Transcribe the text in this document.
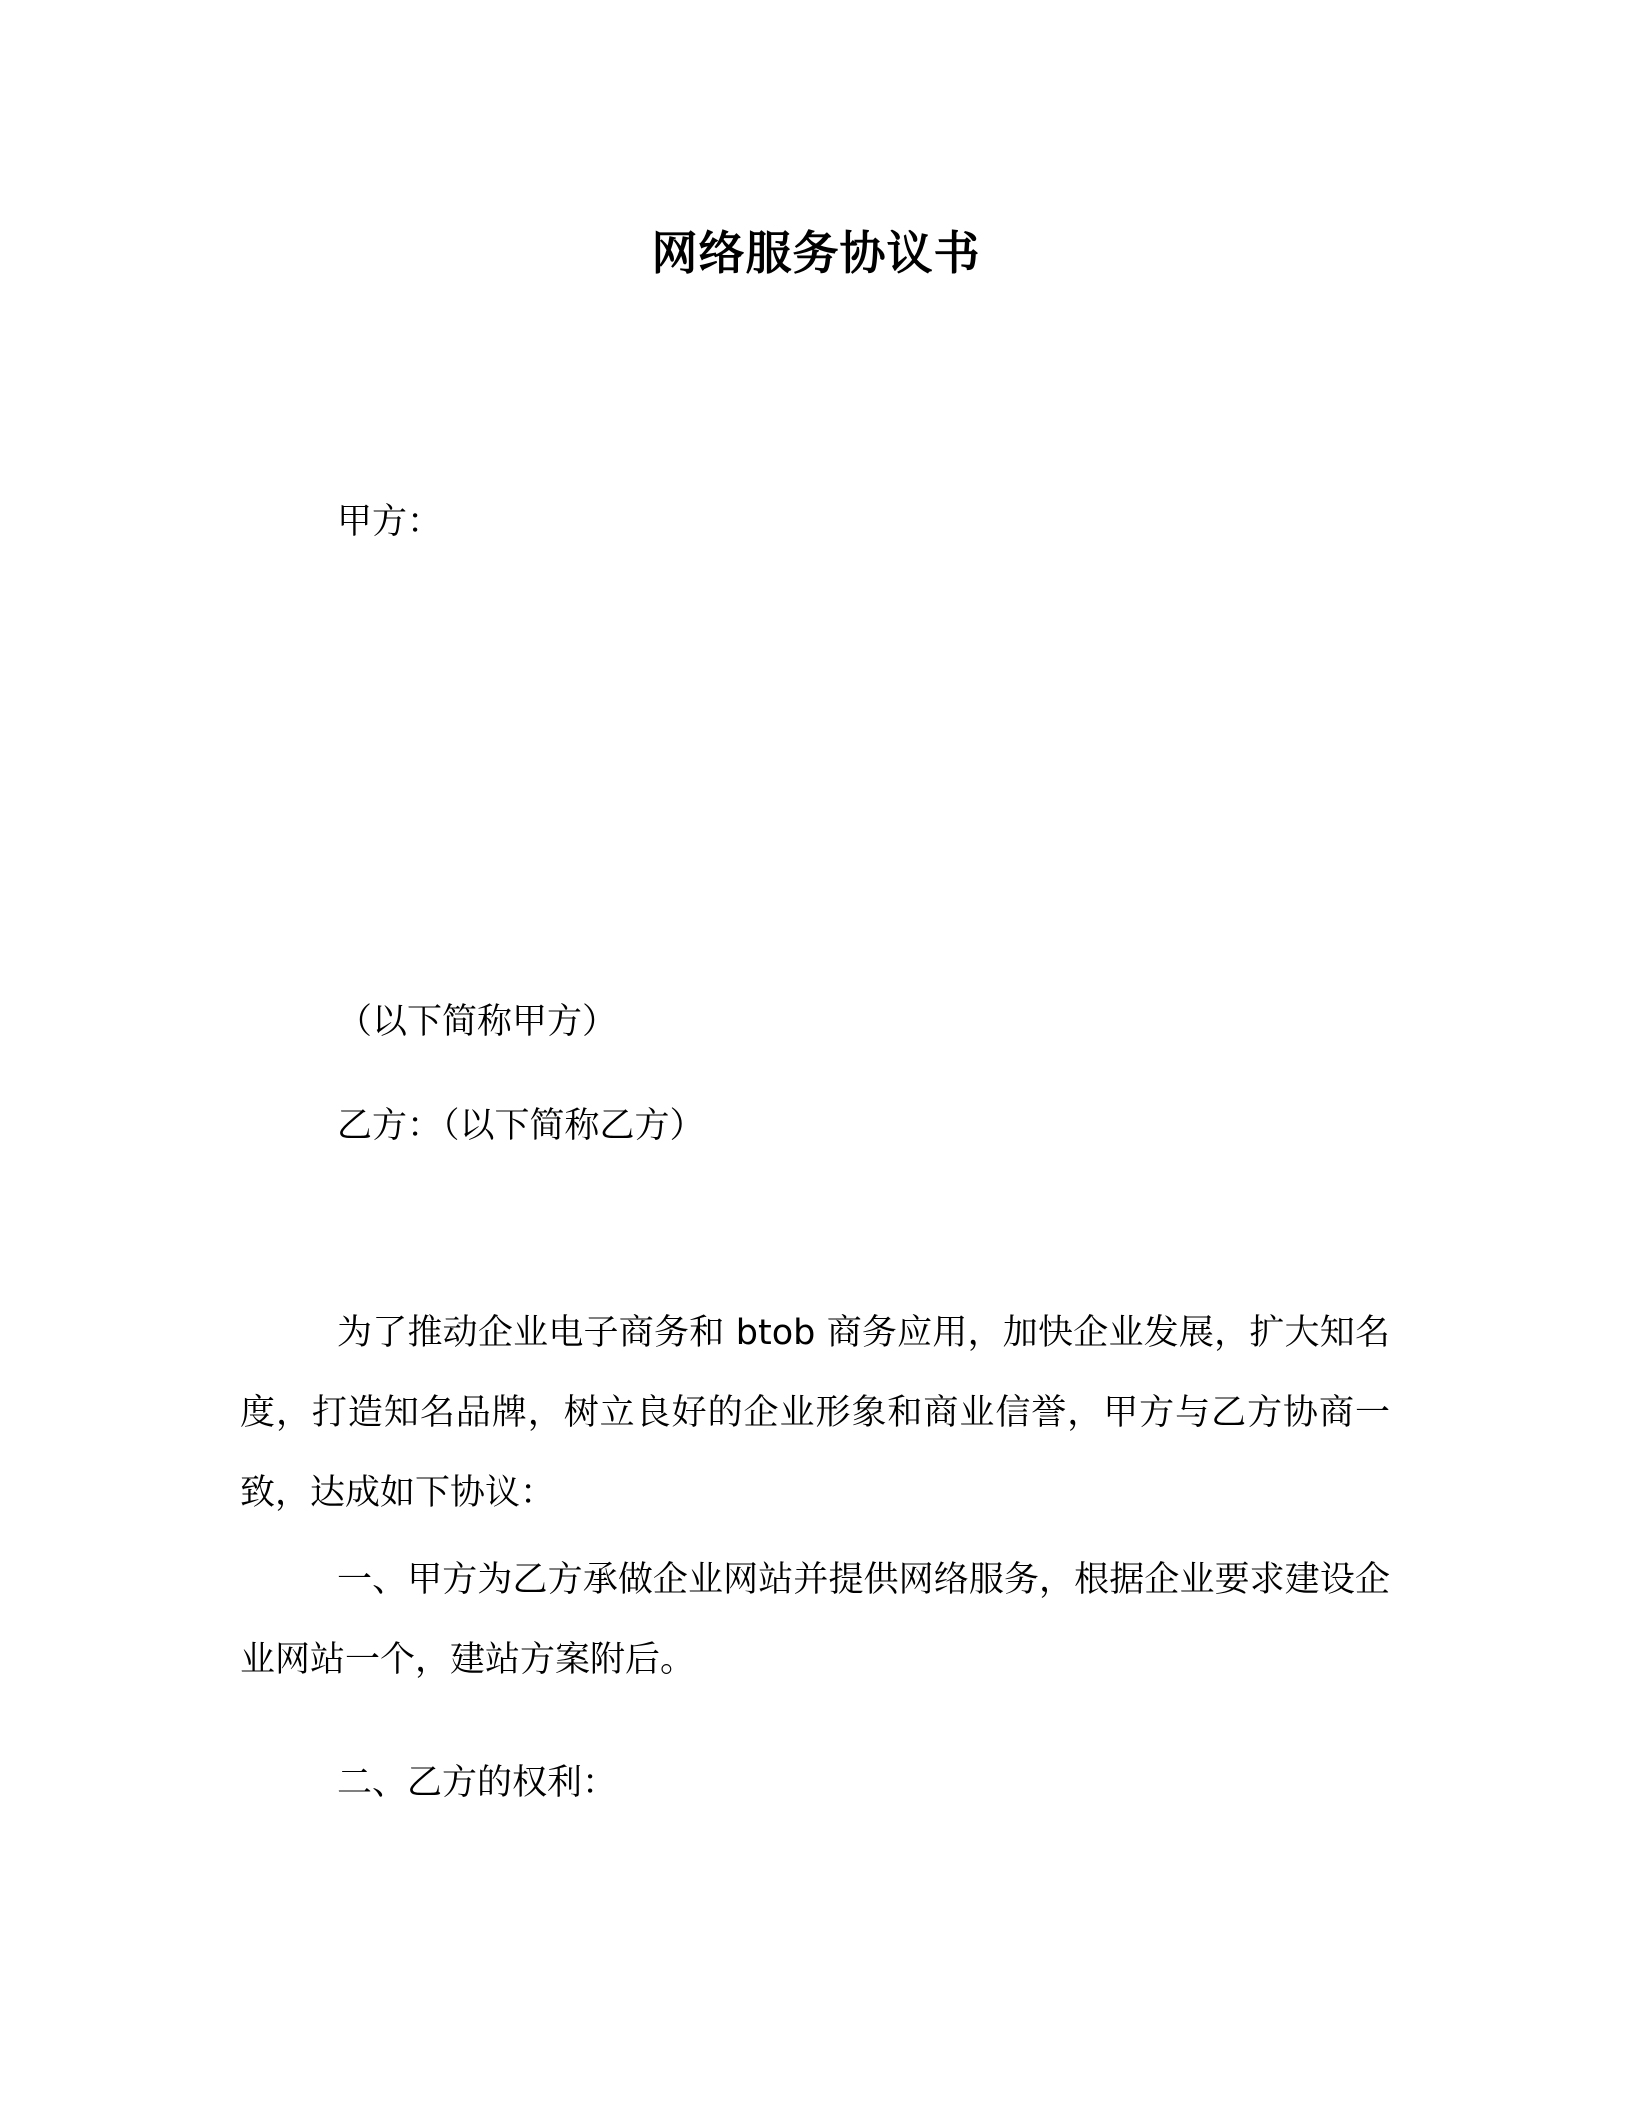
网络服务协议书
甲方：
（以下简称甲方）
乙方：（以下简称乙方）
为了推动企业电子商务和 btob 商务应用，加快企业发展，扩大知名度，打造知名品牌，树立良好的企业形象和商业信誉，甲方与乙方协商一致，达成如下协议：
一、甲方为乙方承做企业网站并提供网络服务，根据企业要求建设企业网站一个，建站方案附后。
二、乙方的权利：
